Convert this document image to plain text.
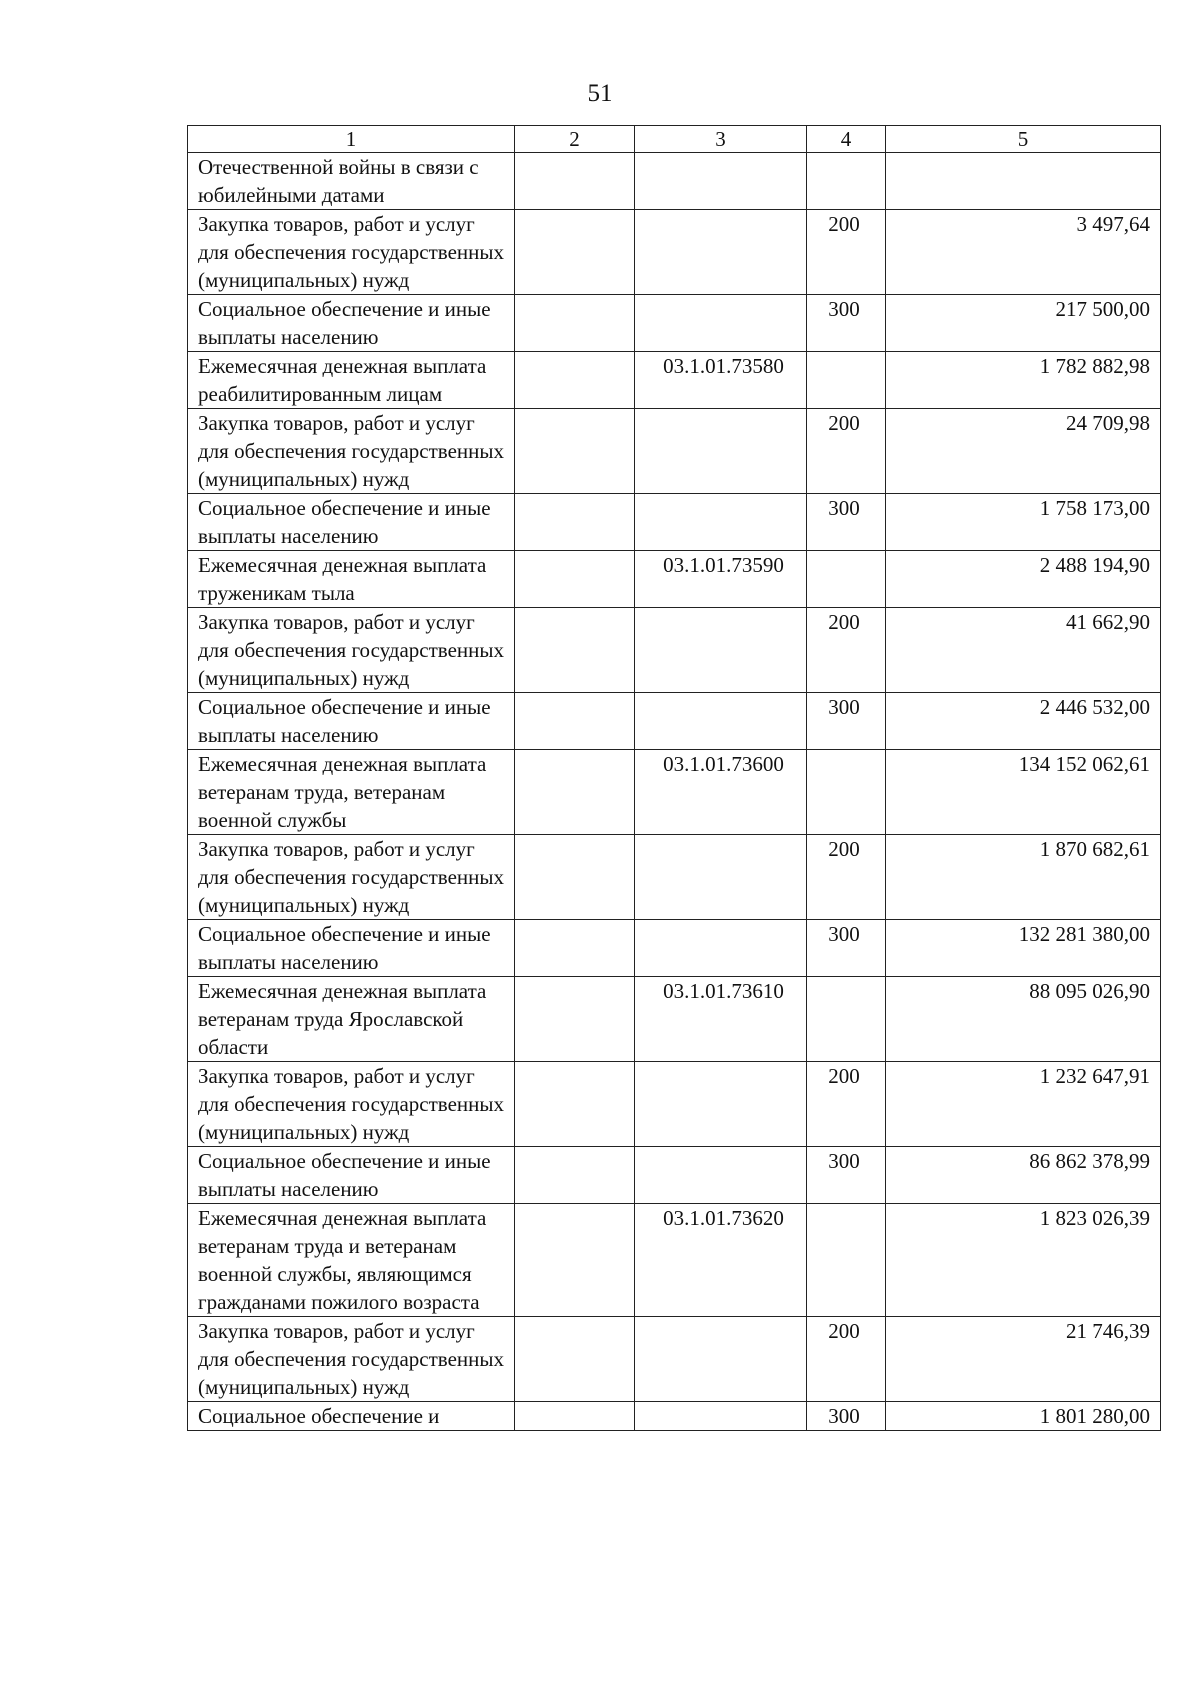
51
1	2	3	4	5
Отечественной войны в связи с юбилейными датами				
Закупка товаров, работ и услуг для обеспечения государственных (муниципальных) нужд			200	3 497,64
Социальное обеспечение и иные выплаты населению			300	217 500,00
Ежемесячная денежная выплата реабилитированным лицам		03.1.01.73580		1 782 882,98
Закупка товаров, работ и услуг для обеспечения государственных (муниципальных) нужд			200	24 709,98
Социальное обеспечение и иные выплаты населению			300	1 758 173,00
Ежемесячная денежная выплата труженикам тыла		03.1.01.73590		2 488 194,90
Закупка товаров, работ и услуг для обеспечения государственных (муниципальных) нужд			200	41 662,90
Социальное обеспечение и иные выплаты населению			300	2 446 532,00
Ежемесячная денежная выплата ветеранам труда, ветеранам военной службы		03.1.01.73600		134 152 062,61
Закупка товаров, работ и услуг для обеспечения государственных (муниципальных) нужд			200	1 870 682,61
Социальное обеспечение и иные выплаты населению			300	132 281 380,00
Ежемесячная денежная выплата ветеранам труда Ярославской области		03.1.01.73610		88 095 026,90
Закупка товаров, работ и услуг для обеспечения государственных (муниципальных) нужд			200	1 232 647,91
Социальное обеспечение и иные выплаты населению			300	86 862 378,99
Ежемесячная денежная выплата ветеранам труда и ветеранам военной службы, являющимся гражданами пожилого возраста		03.1.01.73620		1 823 026,39
Закупка товаров, работ и услуг для обеспечения государственных (муниципальных) нужд			200	21 746,39
Социальное обеспечение и			300	1 801 280,00
